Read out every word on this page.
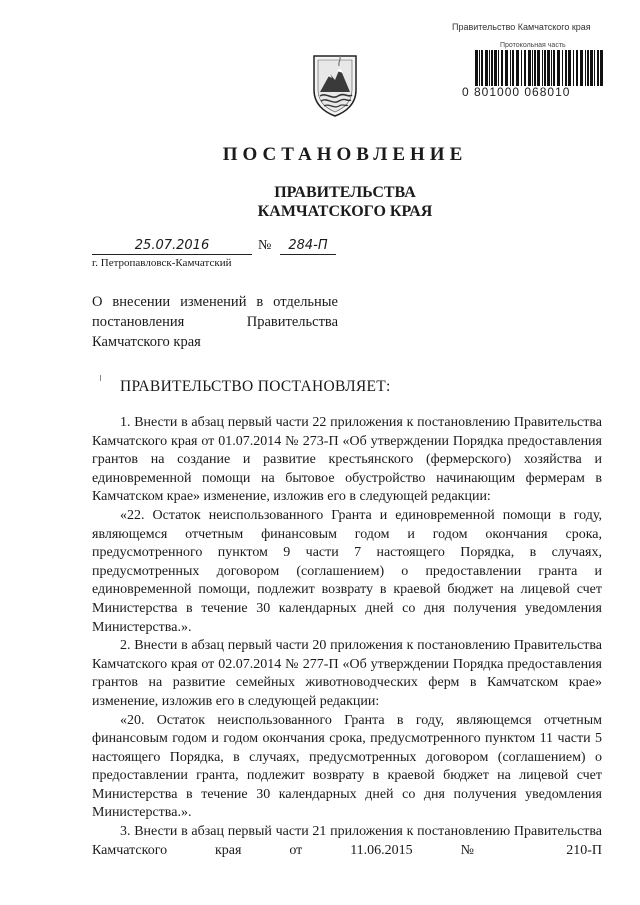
Правительство Камчатского края
Протокольная часть
0 801000 068010
ПОСТАНОВЛЕНИЕ
ПРАВИТЕЛЬСТВА
КАМЧАТСКОГО КРАЯ
25.07.2016	№	284-П
г. Петропавловск-Камчатский
О внесении изменений в отдельные постановления Правительства Камчатского края
ПРАВИТЕЛЬСТВО ПОСТАНОВЛЯЕТ:

1. Внести в абзац первый части 22 приложения к постановлению Правительства Камчатского края от 01.07.2014 № 273-П «Об утверждении Порядка предоставления грантов на создание и развитие крестьянского (фермерского) хозяйства и единовременной помощи на бытовое обустройство начинающим фермерам в Камчатском крае» изменение, изложив его в следующей редакции:

«22. Остаток неиспользованного Гранта и единовременной помощи в году, являющемся отчетным финансовым годом и годом окончания срока, предусмотренного пунктом 9 части 7 настоящего Порядка, в случаях, предусмотренных договором (соглашением) о предоставлении гранта и единовременной помощи, подлежит возврату в краевой бюджет на лицевой счет Министерства в течение 30 календарных дней со дня получения уведомления Министерства.».

2. Внести в абзац первый части 20 приложения к постановлению Правительства Камчатского края от 02.07.2014 № 277-П «Об утверждении Порядка предоставления грантов на развитие семейных животноводческих ферм в Камчатском крае» изменение, изложив его в следующей редакции:

«20. Остаток неиспользованного Гранта в году, являющемся отчетным финансовым годом и годом окончания срока, предусмотренного пунктом 11 части 5 настоящего Порядка, в случаях, предусмотренных договором (соглашением) о предоставлении гранта, подлежит возврату в краевой бюджет на лицевой счет Министерства в течение 30 календарных дней со дня получения уведомления Министерства.».

3. Внести в абзац первый части 21 приложения к постановлению Правительства Камчатского края от 11.06.2015 № 210-П
